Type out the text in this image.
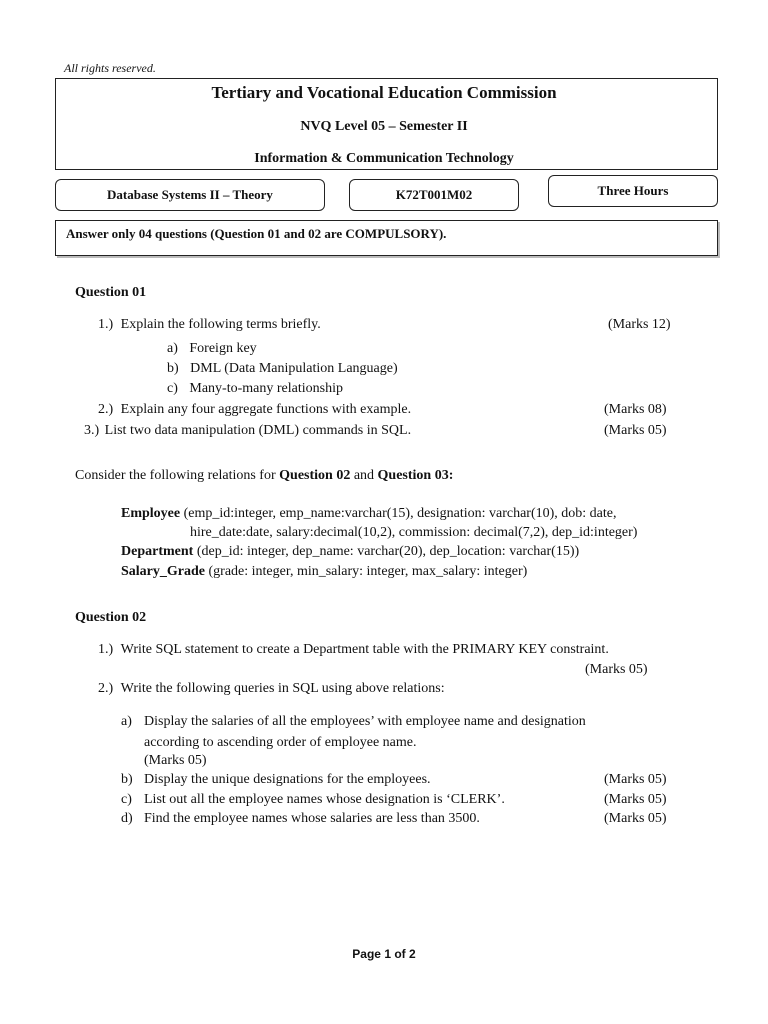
All rights reserved.
Tertiary and Vocational Education Commission
NVQ Level 05 – Semester II
Information & Communication Technology
Database Systems II – Theory	K72T001M02	Three Hours
Answer only 04 questions (Question 01 and 02 are COMPULSORY).
Question 01
1.) Explain the following terms briefly.	(Marks 12)
a) Foreign key
b) DML (Data Manipulation Language)
c) Many-to-many relationship
2.) Explain any four aggregate functions with example.	(Marks 08)
3.) List two data manipulation (DML) commands in SQL.	(Marks 05)
Consider the following relations for Question 02 and Question 03:
Employee (emp_id:integer, emp_name:varchar(15), designation: varchar(10), dob: date,
hire_date:date, salary:decimal(10,2), commission: decimal(7,2), dep_id:integer)
Department (dep_id: integer, dep_name: varchar(20), dep_location: varchar(15))
Salary_Grade (grade: integer, min_salary: integer, max_salary: integer)
Question 02
1.) Write SQL statement to create a Department table with the PRIMARY KEY constraint.
(Marks 05)
2.) Write the following queries in SQL using above relations:
a) Display the salaries of all the employees’ with employee name and designation
according to ascending order of employee name.
(Marks 05)
b) Display the unique designations for the employees.	(Marks 05)
c) List out all the employee names whose designation is ‘CLERK’.	(Marks 05)
d) Find the employee names whose salaries are less than 3500.	(Marks 05)
Page 1 of 2
